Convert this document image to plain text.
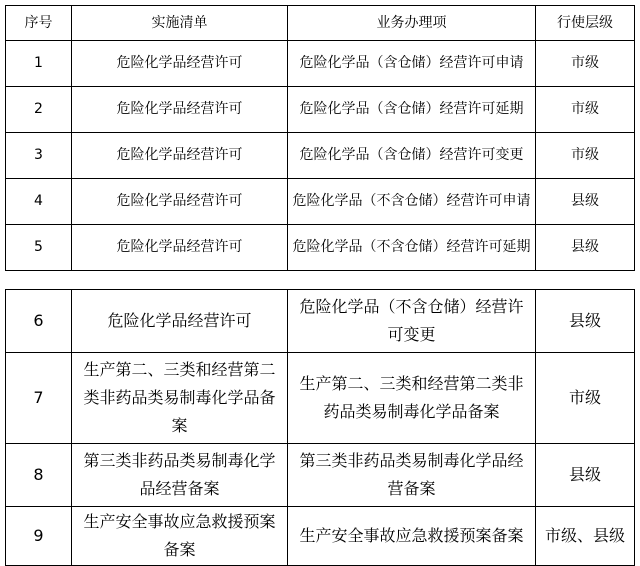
序号	实施清单	业务办理项	行使层级
1	危险化学品经营许可	危险化学品（含仓储）经营许可申请	市级
2	危险化学品经营许可	危险化学品（含仓储）经营许可延期	市级
3	危险化学品经营许可	危险化学品（含仓储）经营许可变更	市级
4	危险化学品经营许可	危险化学品（不含仓储）经营许可申请	县级
5	危险化学品经营许可	危险化学品（不含仓储）经营许可延期	县级
6	危险化学品经营许可	危险化学品（不含仓储）经营许可变更	县级
7	生产第二、三类和经营第二类非药品类易制毒化学品备案	生产第二、三类和经营第二类非药品类易制毒化学品备案	市级
8	第三类非药品类易制毒化学品经营备案	第三类非药品类易制毒化学品经营备案	县级
9	生产安全事故应急救援预案备案	生产安全事故应急救援预案备案	市级、县级
